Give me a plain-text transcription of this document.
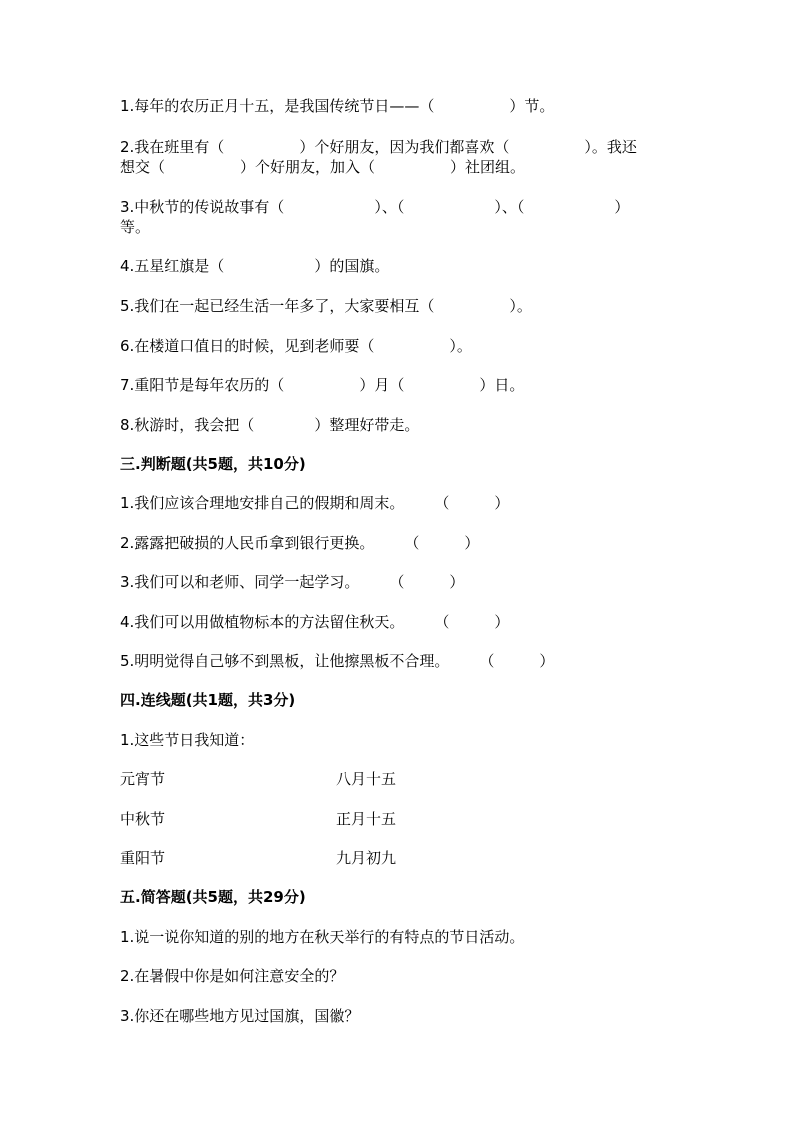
1.每年的农历正月十五，是我国传统节日——（　　　　　）节。
2.我在班里有（　　　　　）个好朋友，因为我们都喜欢（　　　　　）。我还
想交（　　　　　）个好朋友，加入（　　　　　）社团组。
3.中秋节的传说故事有（　　　　　　）、（　　　　　　）、（　　　　　　）
等。
4.五星红旗是（　　　　　　）的国旗。
5.我们在一起已经生活一年多了，大家要相互（　　　　　）。
6.在楼道口值日的时候，见到老师要（　　　　　）。
7.重阳节是每年农历的（　　　　　）月（　　　　　）日。
8.秋游时，我会把（　　　　）整理好带走。
三.判断题(共5题，共10分)
1.我们应该合理地安排自己的假期和周末。　　　（　　　）
2.露露把破损的人民币拿到银行更换。　　　（　　　）
3.我们可以和老师、同学一起学习。　　　（　　　）
4.我们可以用做植物标本的方法留住秋天。　　　（　　　）
5.明明觉得自己够不到黑板，让他擦黑板不合理。　　　（　　　）
四.连线题(共1题，共3分)
1.这些节日我知道：
元宵节	八月十五
中秋节	正月十五
重阳节	九月初九
五.简答题(共5题，共29分)
1.说一说你知道的别的地方在秋天举行的有特点的节日活动。
2.在暑假中你是如何注意安全的？
3.你还在哪些地方见过国旗，国徽？
